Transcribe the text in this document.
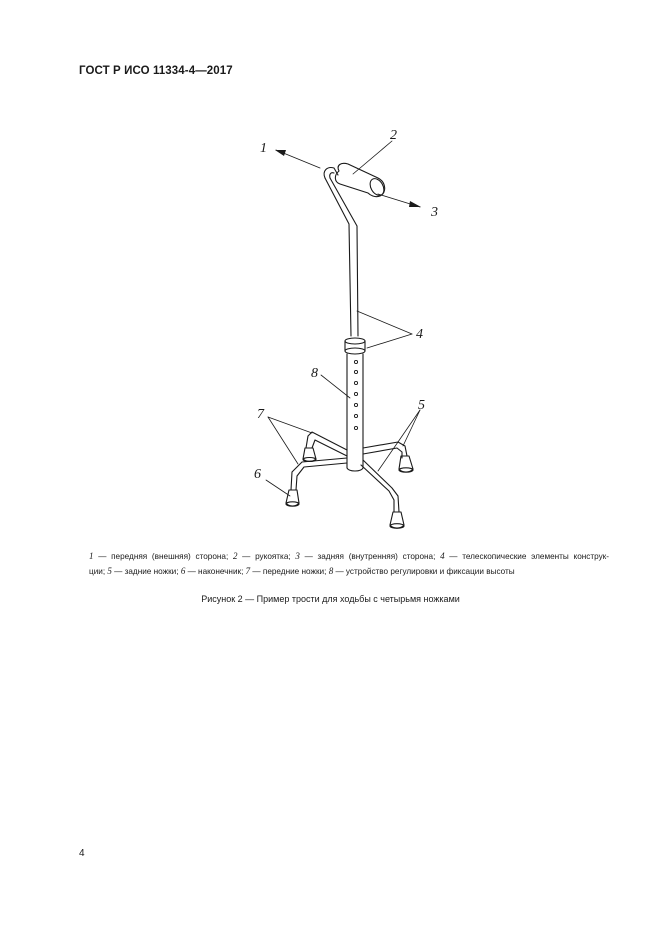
ГОСТ Р ИСО 11334-4—2017
1
2
3
4
5
6
7
8
1 — передняя (внешняя) сторона; 2 — рукоятка; 3 — задняя (внутренняя) сторона; 4 — телескопические элементы конструк-
ции; 5 — задние ножки; 6 — наконечник; 7 — передние ножки; 8 — устройство регулировки и фиксации высоты
Рисунок 2 — Пример трости для ходьбы с четырьмя ножками
4
